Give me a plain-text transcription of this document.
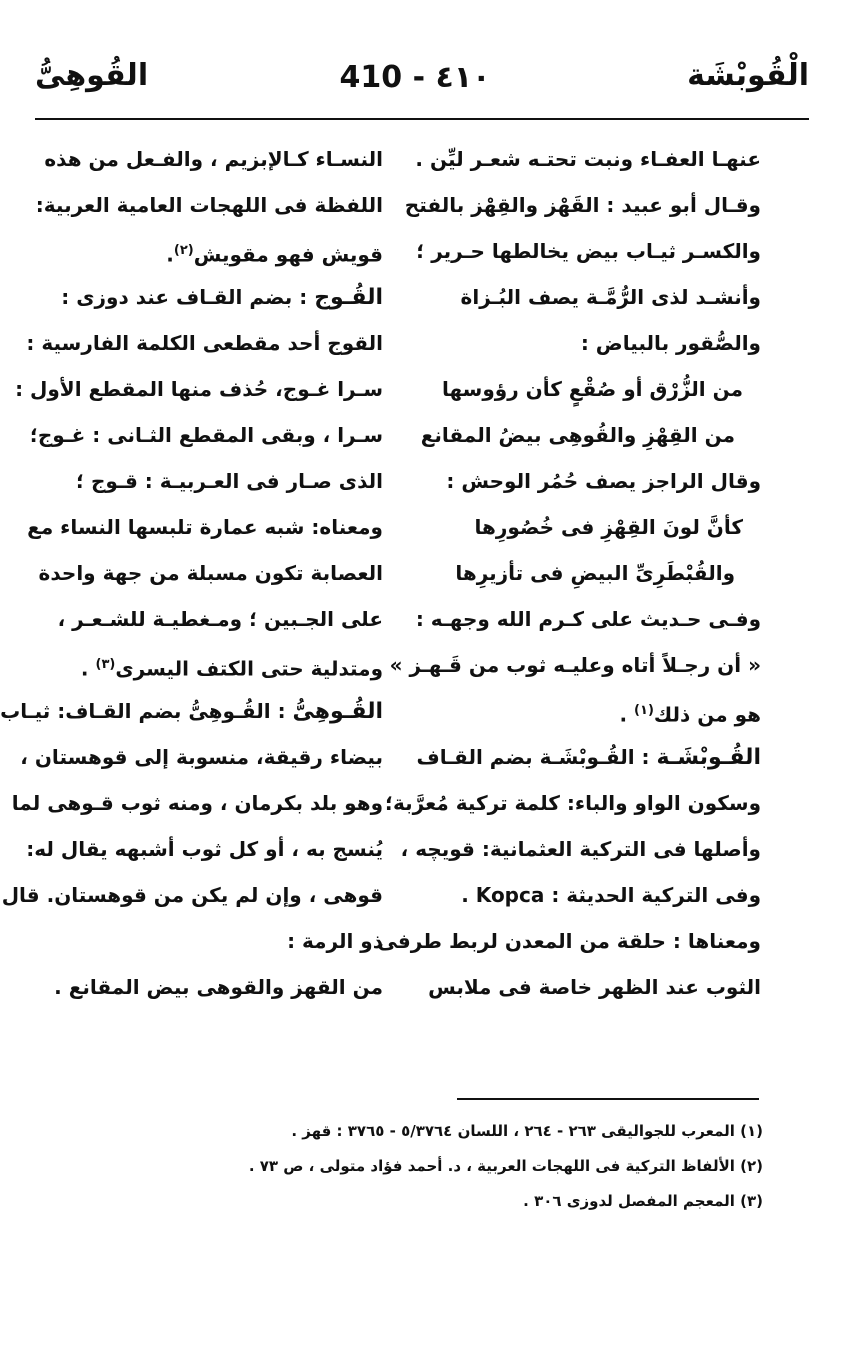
القُوهِىُّ	410 - ٤١٠	الْقُوبْشَة
عنهـا العفـاء ونبت تحتـه شعـر ليِّن .
وقـال أبو عبيد : القَهْز والقِهْز بالفتح
والكسـر ثيـاب بيض يخالطها حـرير ؛
وأنشـد لذى الرُّمَّـة يصف البُـزاة
والصُّقور بالبياض :
من الزُّرْق أو صُقْعٍ كأن رؤوسها
من القِهْزِ والقُوهِى بيضُ المقانع
وقال الراجز يصف حُمُر الوحش :
كأنَّ لونَ القِهْزِ فى خُصُورِها
والقُبْطَرِىِّ البيضِ فى تأزيرِها
وفـى حـديث على كـرم الله وجهـه :
« أن رجـلاً أتاه وعليـه ثوب من قَـهـز »
هو من ذلك$^{(١)}$ .
القُـوبْشَـة : القُـوبْشَـة بضم القـاف
وسكون الواو والباء: كلمة تركية مُعرَّبة؛
وأصلها فى التركية العثمانية: قويچه ،
وفى التركية الحديثة : Kopca .
ومعناها : حلقة من المعدن لربط طرفى
الثوب عند الظهر خاصة فى ملابس
النسـاء كـالإبزيم ، والفـعل من هذه
اللفظة فى اللهجات العامية العربية:
قويش فهو مقويش$^{(٢)}$.
القُـوج : بضم القـاف عند دوزى :
القوج أحد مقطعى الكلمة الفارسية :
سـرا غـوج، حُذف منها المقطع الأول :
سـرا ، وبقى المقطع الثـانى : غـوج؛
الذى صـار فى العـربيـة : قـوج ؛
ومعناه: شبه عمارة تلبسها النساء مع
العصابة تكون مسبلة من جهة واحدة
على الجـبين ؛ ومـغطيـة للشـعـر ،
ومتدلية حتى الكتف اليسرى$^{(٣)}$ .
القُـوهِىُّ : القُـوهِىُّ بضم القـاف: ثيـاب
بيضاء رقيقة، منسوبة إلى قوهستان ،
وهو بلد بكرمان ، ومنه ثوب قـوهى لما
يُنسج به ، أو كل ثوب أشبهه يقال له:
قوهى ، وإن لم يكن من قوهستان. قال
ذو الرمة :
من القهز والقوهى بيض المقانع .
(١) المعرب للجواليقى ٢٦٣ - ٢٦٤ ، اللسان ٥/٣٧٦٤ - ٣٧٦٥ : قهز .
(٢) الألفاظ التركية فى اللهجات العربية ، د. أحمد فؤاد متولى ، ص ٧٣ .
(٣) المعجم المفصل لدوزى ٣٠٦ .
